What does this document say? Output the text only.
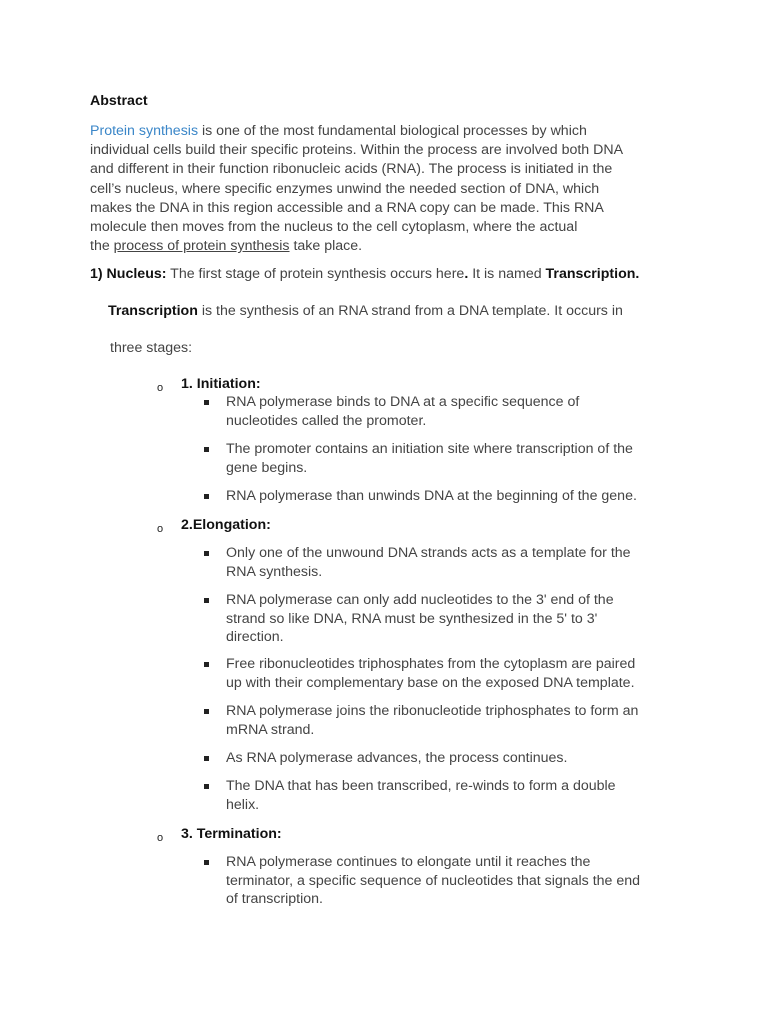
Abstract
Protein synthesis is one of the most fundamental biological processes by which
individual cells build their specific proteins. Within the process are involved both DNA
and different in their function ribonucleic acids (RNA). The process is initiated in the
cell’s nucleus, where specific enzymes unwind the needed section of DNA, which
makes the DNA in this region accessible and a RNA copy can be made. This RNA
molecule then moves from the nucleus to the cell cytoplasm, where the actual
the process of protein synthesis take place.
1) Nucleus: The first stage of protein synthesis occurs here. It is named Transcription.
Transcription is the synthesis of an RNA strand from a DNA template. It occurs in
three stages:
o 1. Initiation:
RNA polymerase binds to DNA at a specific sequence of
nucleotides called the promoter.
The promoter contains an initiation site where transcription of the
gene begins.
RNA polymerase than unwinds DNA at the beginning of the gene.
o 2.Elongation:
Only one of the unwound DNA strands acts as a template for the
RNA synthesis.
RNA polymerase can only add nucleotides to the 3' end of the
strand so like DNA, RNA must be synthesized in the 5' to 3'
direction.
Free ribonucleotides triphosphates from the cytoplasm are paired
up with their complementary base on the exposed DNA template.
RNA polymerase joins the ribonucleotide triphosphates to form an
mRNA strand.
As RNA polymerase advances, the process continues.
The DNA that has been transcribed, re-winds to form a double
helix.
o 3. Termination:
RNA polymerase continues to elongate until it reaches the
terminator, a specific sequence of nucleotides that signals the end
of transcription.
